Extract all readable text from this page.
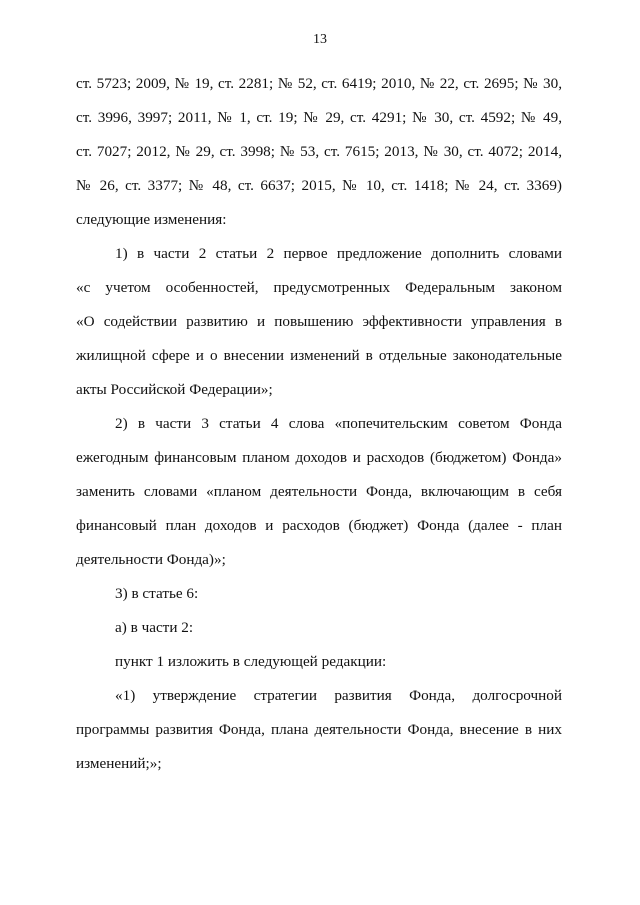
13

ст. 5723; 2009, № 19, ст. 2281; № 52, ст. 6419; 2010, № 22, ст. 2695; № 30,
ст. 3996, 3997; 2011, № 1, ст. 19; № 29, ст. 4291; № 30, ст. 4592; № 49,
ст. 7027; 2012, № 29, ст. 3998; № 53, ст. 7615; 2013, № 30, ст. 4072; 2014,
№ 26, ст. 3377; № 48, ст. 6637; 2015, № 10, ст. 1418; № 24, ст. 3369)
следующие изменения:

1) в части 2 статьи 2 первое предложение дополнить словами
«с учетом особенностей, предусмотренных Федеральным законом
«О содействии развитию и повышению эффективности управления в
жилищной сфере и о внесении изменений в отдельные законодательные
акты Российской Федерации»;

2) в части 3 статьи 4 слова «попечительским советом Фонда
ежегодным финансовым планом доходов и расходов (бюджетом) Фонда»
заменить словами «планом деятельности Фонда, включающим в себя
финансовый план доходов и расходов (бюджет) Фонда (далее - план
деятельности Фонда)»;

3) в статье 6:

а) в части 2:

пункт 1 изложить в следующей редакции:

«1) утверждение стратегии развития Фонда, долгосрочной
программы развития Фонда, плана деятельности Фонда, внесение в них
изменений;»;
